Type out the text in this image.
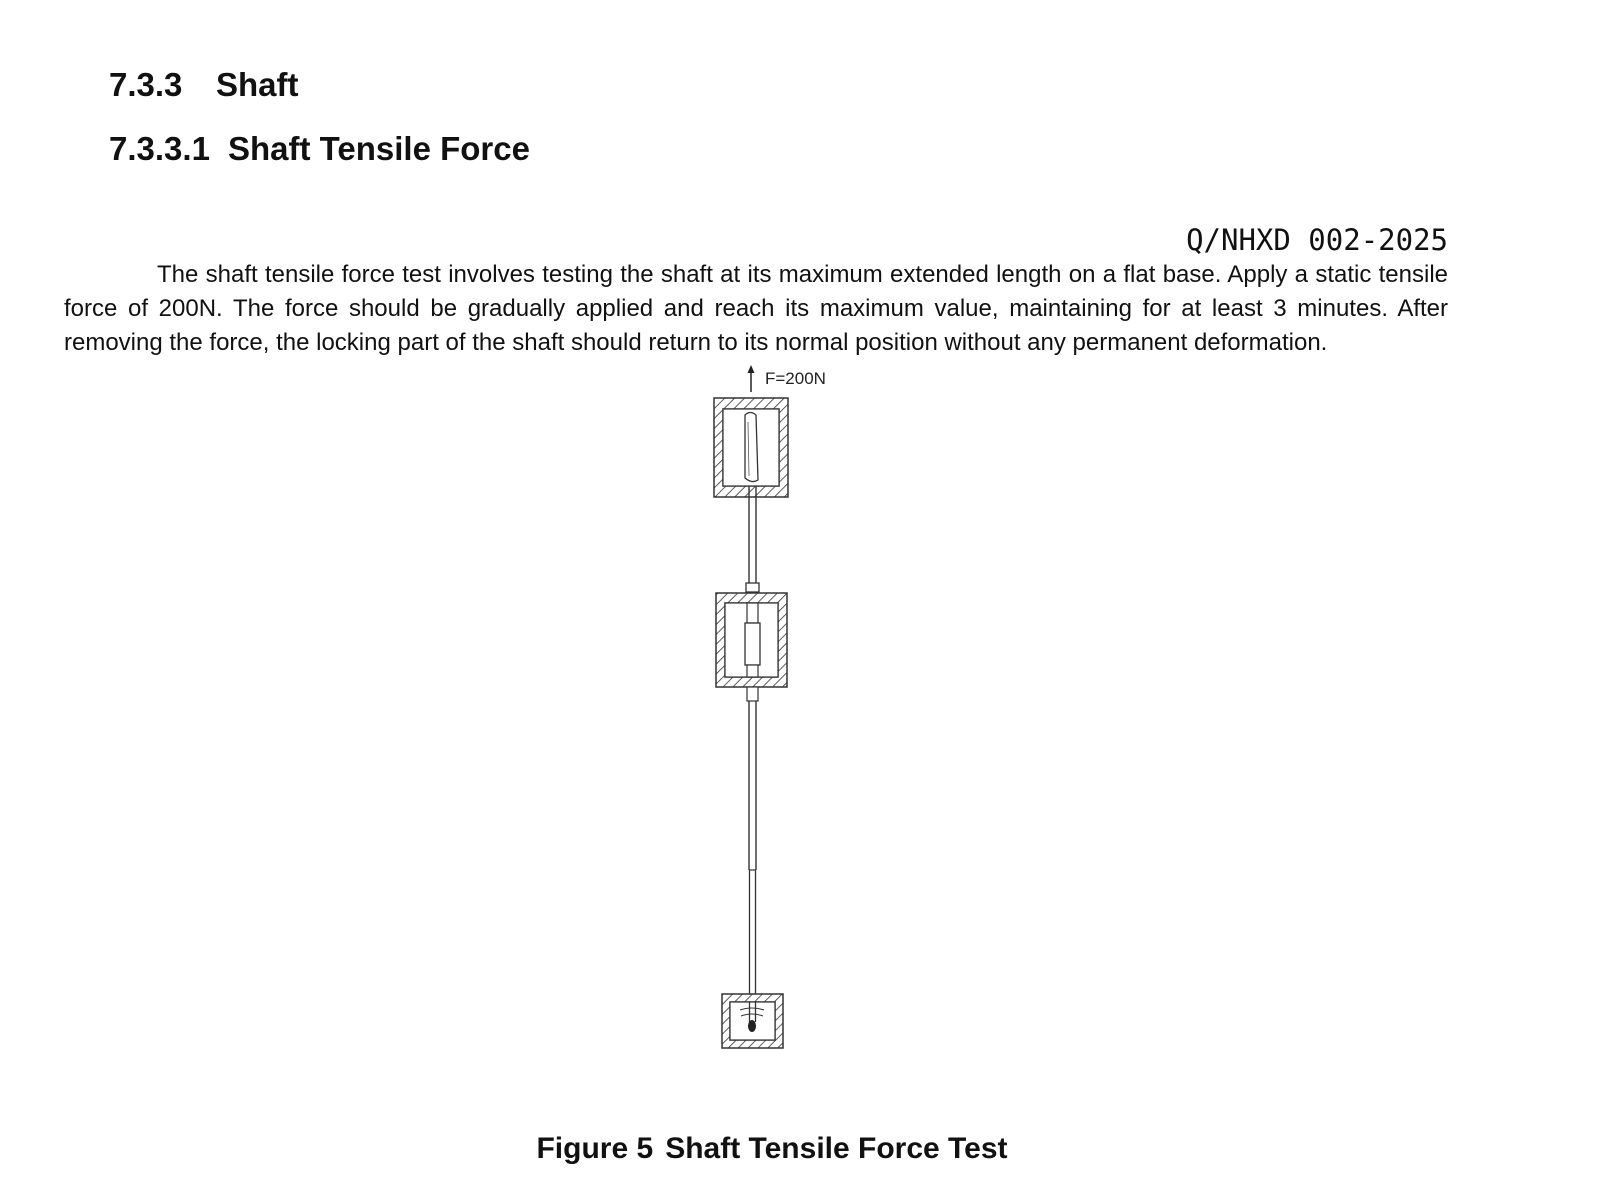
7.3.3 Shaft
7.3.3.1 Shaft Tensile Force
Q/NHXD 002-2025

The shaft tensile force test involves testing the shaft at its maximum extended length on a flat base. Apply a static tensile force of 200N. The force should be gradually applied and reach its maximum value, maintaining for at least 3 minutes. After removing the force, the locking part of the shaft should return to its normal position without any permanent deformation.

F=200N

Figure 5 Shaft Tensile Force Test
